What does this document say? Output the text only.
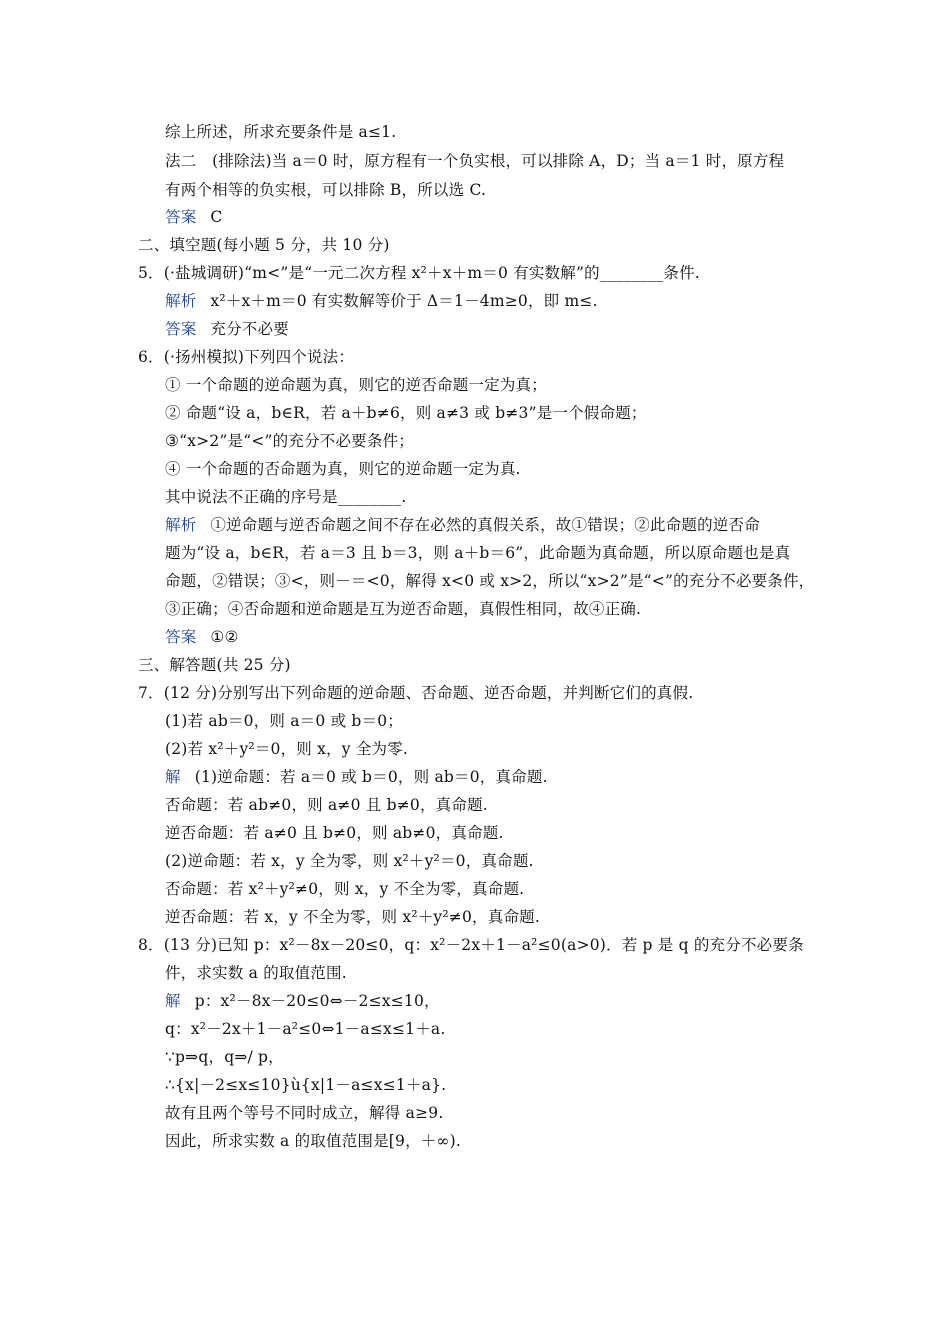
综上所述，所求充要条件是 a≤1.
法二　(排除法)当 a＝0 时，原方程有一个负实根，可以排除 A，D；当 a＝1 时，原方程
有两个相等的负实根，可以排除 B，所以选 C.
答案 C
二、填空题(每小题 5 分，共 10 分)
5．(·盐城调研)“m<”是“一元二次方程 x²＋x＋m＝0 有实数解”的________条件.
解析 x²＋x＋m＝0 有实数解等价于 Δ＝1－4m≥0，即 m≤.
答案 充分不必要
6．(·扬州模拟)下列四个说法：
① 一个命题的逆命题为真，则它的逆否命题一定为真；
② 命题“设 a，b∈R，若 a＋b≠6，则 a≠3 或 b≠3”是一个假命题；
③“x>2”是“<”的充分不必要条件；
④ 一个命题的否命题为真，则它的逆命题一定为真.
其中说法不正确的序号是________.
解析 ①逆命题与逆否命题之间不存在必然的真假关系，故①错误；②此命题的逆否命
题为“设 a，b∈R，若 a＝3 且 b＝3，则 a＋b＝6”，此命题为真命题，所以原命题也是真
命题，②错误；③<，则－＝<0，解得 x<0 或 x>2，所以“x>2”是“<”的充分不必要条件，
③正确；④否命题和逆命题是互为逆否命题，真假性相同，故④正确.
答案 ①②
三、解答题(共 25 分)
7．(12 分)分别写出下列命题的逆命题、否命题、逆否命题，并判断它们的真假.
(1)若 ab＝0，则 a＝0 或 b＝0；
(2)若 x²＋y²＝0，则 x，y 全为零.
解 (1)逆命题：若 a＝0 或 b＝0，则 ab＝0，真命题.
否命题：若 ab≠0，则 a≠0 且 b≠0，真命题.
逆否命题：若 a≠0 且 b≠0，则 ab≠0，真命题.
(2)逆命题：若 x，y 全为零，则 x²＋y²＝0，真命题.
否命题：若 x²＋y²≠0，则 x，y 不全为零，真命题.
逆否命题：若 x，y 不全为零，则 x²＋y²≠0，真命题.
8．(13 分)已知 p：x²－8x－20≤0，q：x²－2x＋1－a²≤0(a>0)．若 p 是 q 的充分不必要条
件，求实数 a 的取值范围.
解 p：x²－8x－20≤0⇔－2≤x≤10，
q：x²－2x＋1－a²≤0⇔1－a≤x≤1＋a.
∵p⇒q，q⇒/ p，
∴{x|－2≤x≤10}ù{x|1－a≤x≤1＋a}.
故有且两个等号不同时成立，解得 a≥9.
因此，所求实数 a 的取值范围是[9，＋∞).
